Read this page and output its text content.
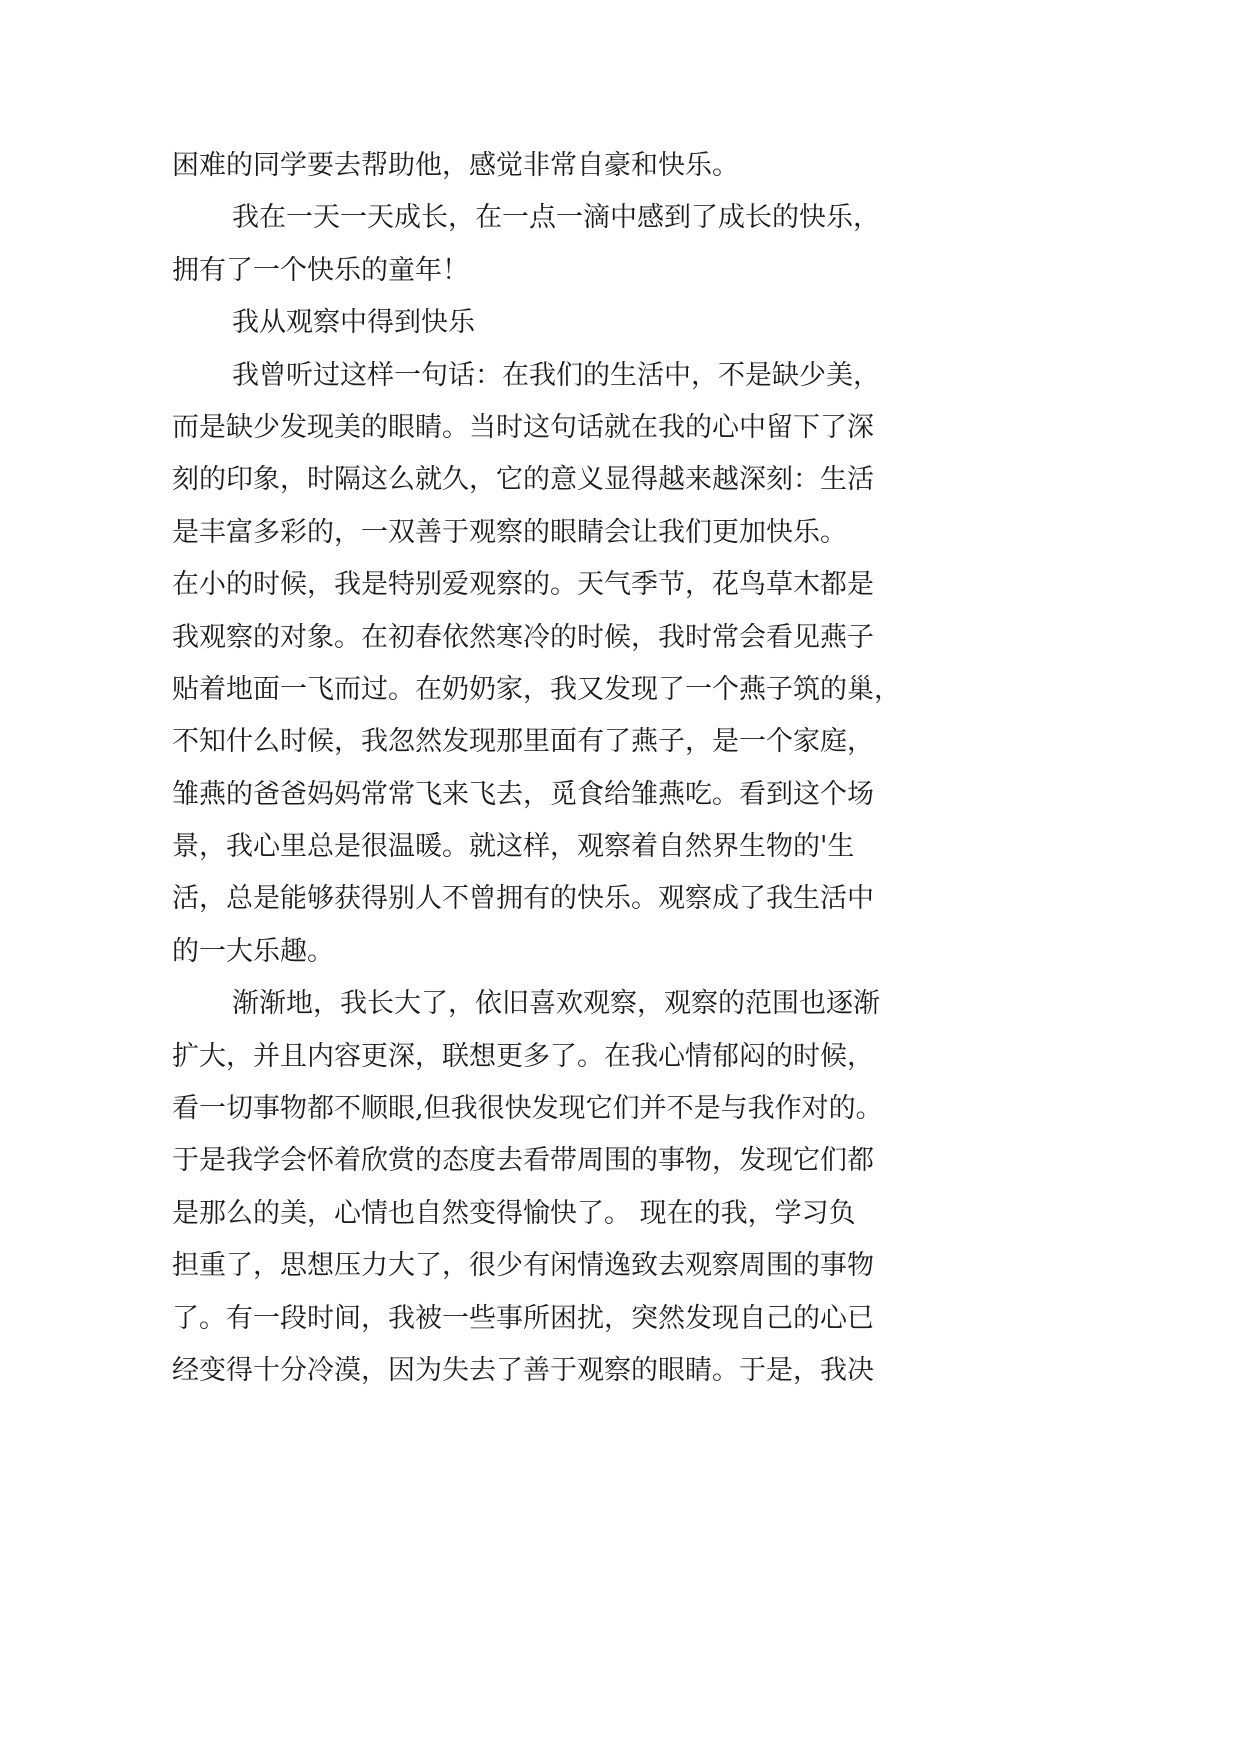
困难的同学要去帮助他，感觉非常自豪和快乐。
我在一天一天成长，在一点一滴中感到了成长的快乐，
拥有了一个快乐的童年！
我从观察中得到快乐
我曾听过这样一句话：在我们的生活中，不是缺少美，
而是缺少发现美的眼睛。当时这句话就在我的心中留下了深
刻的印象，时隔这么就久，它的意义显得越来越深刻：生活
是丰富多彩的，一双善于观察的眼睛会让我们更加快乐。
在小的时候，我是特别爱观察的。天气季节，花鸟草木都是
我观察的对象。在初春依然寒冷的时候，我时常会看见燕子
贴着地面一飞而过。在奶奶家，我又发现了一个燕子筑的巢，
不知什么时候，我忽然发现那里面有了燕子，是一个家庭，
雏燕的爸爸妈妈常常飞来飞去，觅食给雏燕吃。看到这个场
景，我心里总是很温暖。就这样，观察着自然界生物的'生
活，总是能够获得别人不曾拥有的快乐。观察成了我生活中
的一大乐趣。
渐渐地，我长大了，依旧喜欢观察，观察的范围也逐渐
扩大，并且内容更深，联想更多了。在我心情郁闷的时候，
看一切事物都不顺眼,但我很快发现它们并不是与我作对的。
于是我学会怀着欣赏的态度去看带周围的事物，发现它们都
是那么的美，心情也自然变得愉快了。 现在的我，学习负
担重了，思想压力大了，很少有闲情逸致去观察周围的事物
了。有一段时间，我被一些事所困扰，突然发现自己的心已
经变得十分冷漠，因为失去了善于观察的眼睛。于是，我决
